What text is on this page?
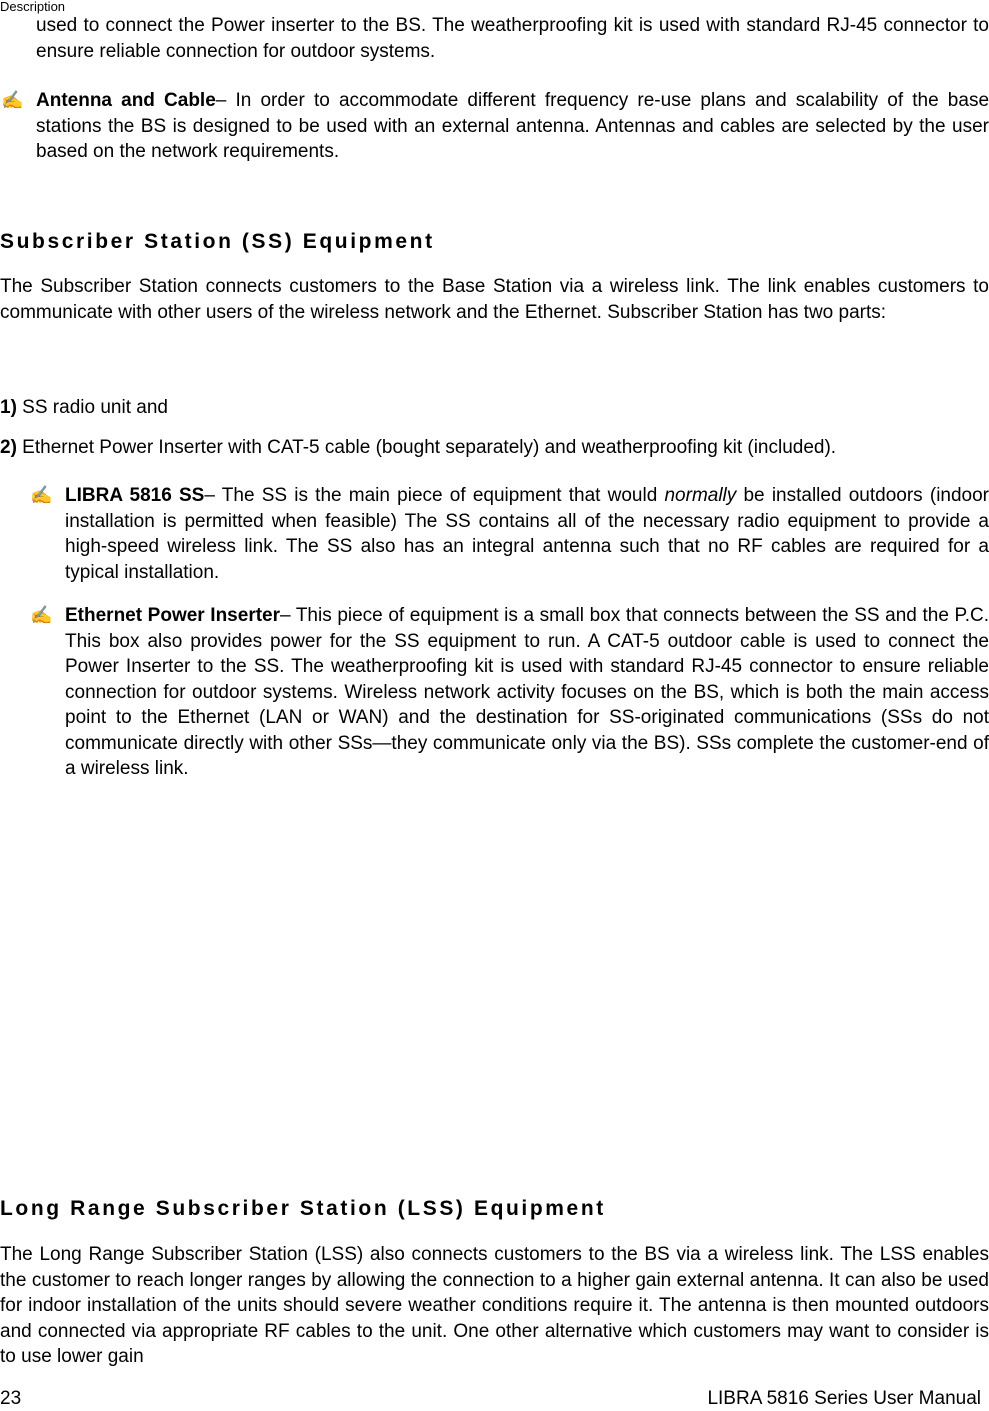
Description

used to connect the Power inserter to the BS. The weatherproofing kit is used with standard RJ-45 connector to ensure reliable connection for outdoor systems.

✍ Antenna and Cable– In order to accommodate different frequency re-use plans and scalability of the base stations the BS is designed to be used with an external antenna. Antennas and cables are selected by the user based on the network requirements.

Subscriber Station (SS) Equipment

The Subscriber Station connects customers to the Base Station via a wireless link. The link enables customers to communicate with other users of the wireless network and the Ethernet. Subscriber Station has two parts:

1) SS radio unit and

2) Ethernet Power Inserter with CAT-5 cable (bought separately) and weatherproofing kit (included).

✍ LIBRA 5816 SS– The SS is the main piece of equipment that would normally be installed outdoors (indoor installation is permitted when feasible) The SS contains all of the necessary radio equipment to provide a high-speed wireless link. The SS also has an integral antenna such that no RF cables are required for a typical installation.

✍ Ethernet Power Inserter– This piece of equipment is a small box that connects between the SS and the P.C. This box also provides power for the SS equipment to run. A CAT-5 outdoor cable is used to connect the Power Inserter to the SS. The weatherproofing kit is used with standard RJ-45 connector to ensure reliable connection for outdoor systems. Wireless network activity focuses on the BS, which is both the main access point to the Ethernet (LAN or WAN) and the destination for SS-originated communications (SSs do not communicate directly with other SSs—they communicate only via the BS). SSs complete the customer-end of a wireless link.

Long Range Subscriber Station (LSS) Equipment

The Long Range Subscriber Station (LSS) also connects customers to the BS via a wireless link. The LSS enables the customer to reach longer ranges by allowing the connection to a higher gain external antenna. It can also be used for indoor installation of the units should severe weather conditions require it. The antenna is then mounted outdoors and connected via appropriate RF cables to the unit. One other alternative which customers may want to consider is to use lower gain

23	LIBRA 5816 Series User Manual
